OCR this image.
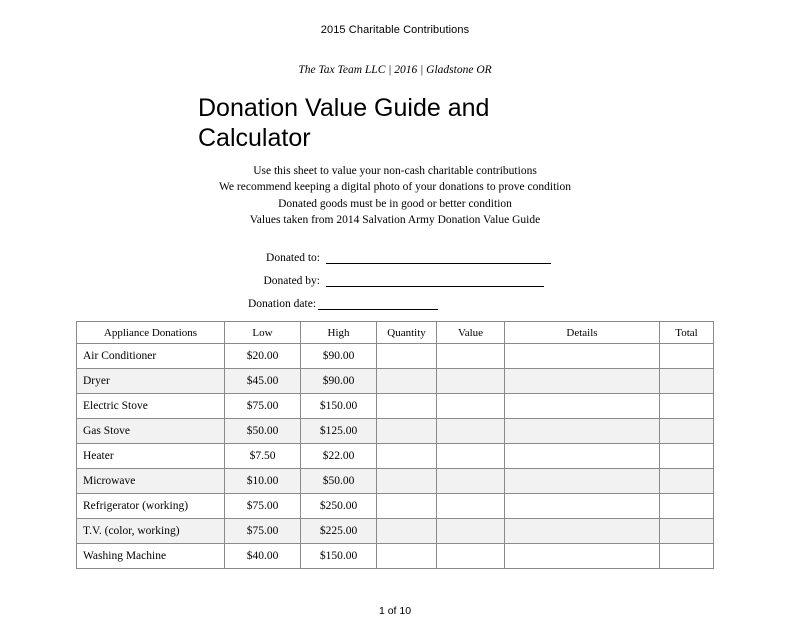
2015 Charitable Contributions
The Tax Team LLC | 2016 | Gladstone OR
Donation Value Guide and Calculator
Use this sheet to value your non-cash charitable contributions
We recommend keeping a digital photo of your donations to prove condition
Donated goods must be in good or better condition
Values taken from 2014 Salvation Army Donation Value Guide
Donated to:
Donated by:
Donation date:
Appliance Donations	Low	High	Quantity	Value	Details	Total
Air Conditioner	$20.00	$90.00				
Dryer	$45.00	$90.00				
Electric Stove	$75.00	$150.00				
Gas Stove	$50.00	$125.00				
Heater	$7.50	$22.00				
Microwave	$10.00	$50.00				
Refrigerator (working)	$75.00	$250.00				
T.V. (color, working)	$75.00	$225.00				
Washing Machine	$40.00	$150.00				
1 of 10
